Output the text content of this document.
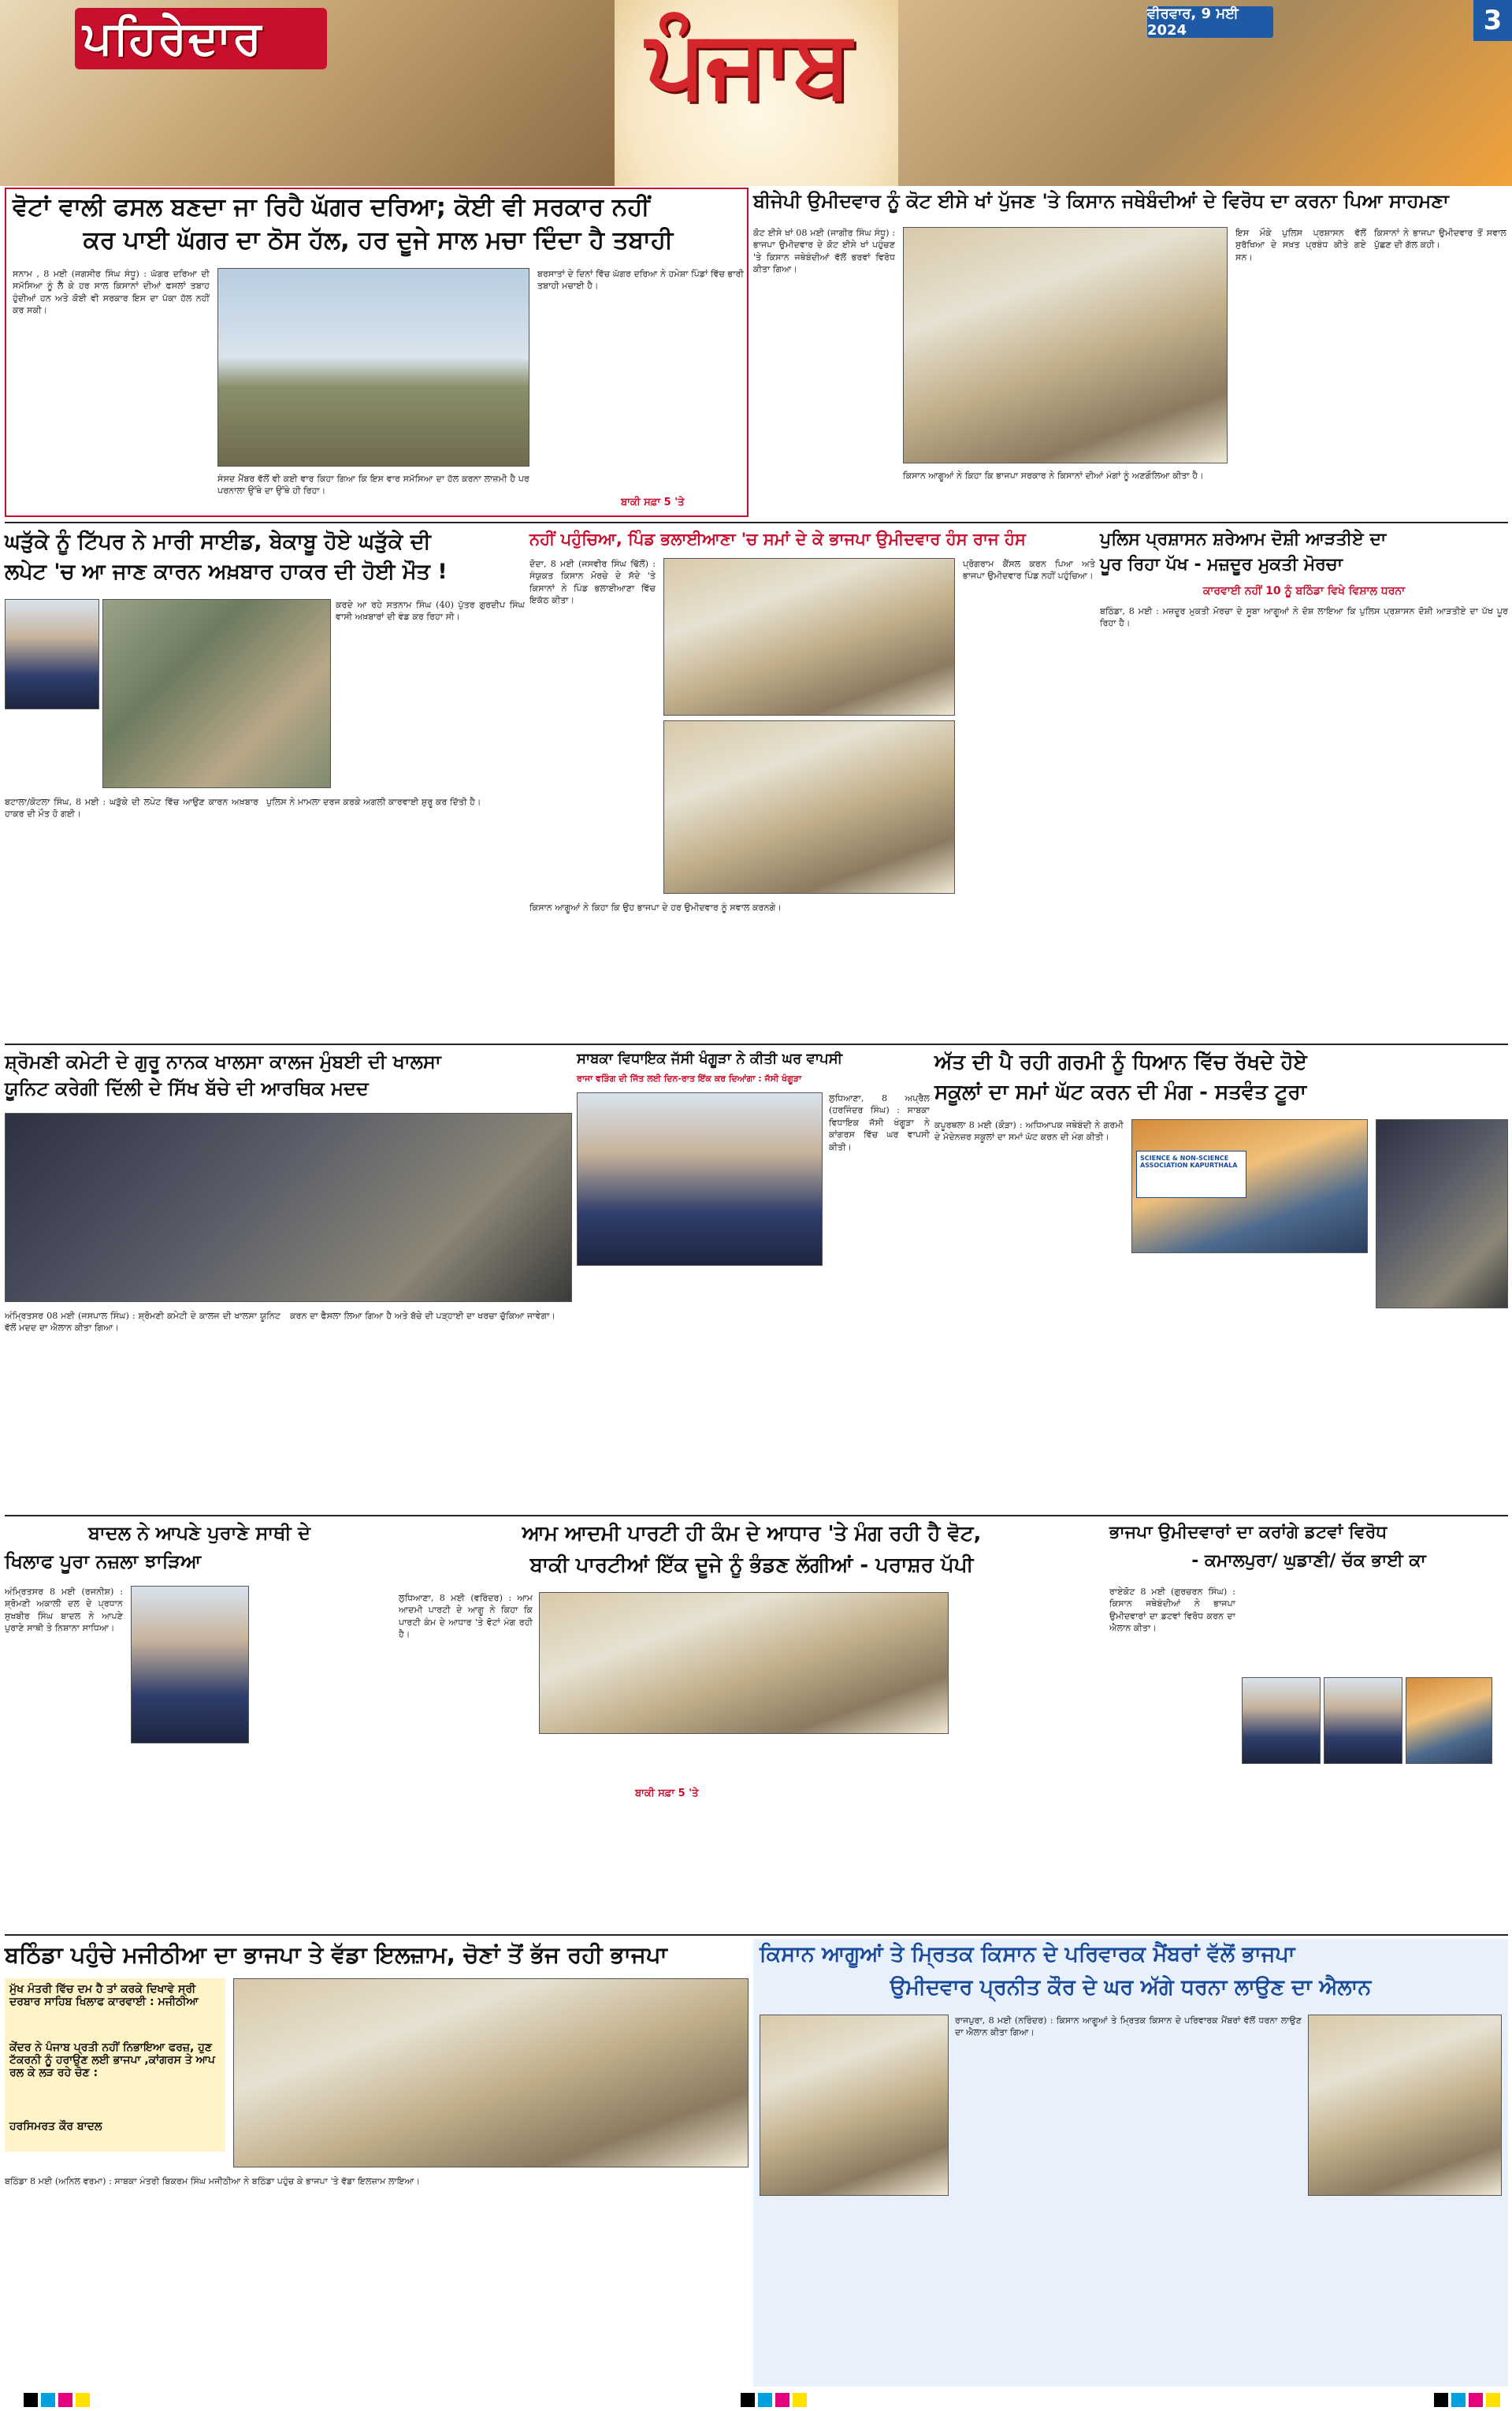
ਪਹਿਰੇਦਾਰ	ਪੰਜਾਬ	ਵੀਰਵਾਰ, 9 ਮਈ 2024	3
ਵੋਟਾਂ ਵਾਲੀ ਫਸਲ ਬਣਦਾ ਜਾ ਰਿਹੈ ਘੱਗਰ ਦਰਿਆ; ਕੋਈ ਵੀ ਸਰਕਾਰ ਨਹੀਂ
ਕਰ ਪਾਈ ਘੱਗਰ ਦਾ ਠੋਸ ਹੱਲ, ਹਰ ਦੂਜੇ ਸਾਲ ਮਚਾ ਦਿੰਦਾ ਹੈ ਤਬਾਹੀ
ਸਨਾਮ , 8 ਮਈ (ਜਗਸੀਰ ਸਿੰਘ ਸੰਧੂ) : ਘੱਗਰ ਦਰਿਆ ਦੀ ਸਮੱਸਿਆ ਨੂੰ ਲੈ ਕੇ ਹਰ ਸਾਲ ਕਿਸਾਨਾਂ ਦੀਆਂ ਫਸਲਾਂ ਤਬਾਹ ਹੁੰਦੀਆਂ ਹਨ ਅਤੇ ਕੋਈ ਵੀ ਸਰਕਾਰ ਇਸ ਦਾ ਪੱਕਾ ਹੱਲ ਨਹੀਂ ਕਰ ਸਕੀ।
ਸੰਸਦ ਮੈਂਬਰ ਵੱਲੋਂ ਵੀ ਕਈ ਵਾਰ ਕਿਹਾ ਗਿਆ ਕਿ ਇਸ ਵਾਰ ਸਮੱਸਿਆ ਦਾ ਹੱਲ ਕਰਨਾ ਲਾਜ਼ਮੀ ਹੈ ਪਰ ਪਰਨਾਲਾ ਉੱਥੇ ਦਾ ਉੱਥੇ ਹੀ ਰਿਹਾ।
ਬਰਸਾਤਾਂ ਦੇ ਦਿਨਾਂ ਵਿੱਚ ਘੱਗਰ ਦਰਿਆ ਨੇ ਹਮੇਸ਼ਾ ਪਿੰਡਾਂ ਵਿੱਚ ਭਾਰੀ ਤਬਾਹੀ ਮਚਾਈ ਹੈ।
ਬਾਕੀ ਸਫ਼ਾ 5 'ਤੇ
ਬੀਜੇਪੀ ਉਮੀਦਵਾਰ ਨੂੰ ਕੋਟ ਈਸੇ ਖਾਂ ਪੁੱਜਣ 'ਤੇ ਕਿਸਾਨ ਜਥੇਬੰਦੀਆਂ ਦੇ ਵਿਰੋਧ ਦਾ ਕਰਨਾ ਪਿਆ ਸਾਹਮਣਾ
ਕੋਟ ਈਸੇ ਖਾਂ 08 ਮਈ (ਜਾਗੀਰ ਸਿੰਘ ਸੰਧੂ) : ਭਾਜਪਾ ਉਮੀਦਵਾਰ ਦੇ ਕੋਟ ਈਸੇ ਖਾਂ ਪਹੁੰਚਣ 'ਤੇ ਕਿਸਾਨ ਜਥੇਬੰਦੀਆਂ ਵੱਲੋਂ ਭਰਵਾਂ ਵਿਰੋਧ ਕੀਤਾ ਗਿਆ।
ਕਿਸਾਨ ਆਗੂਆਂ ਨੇ ਕਿਹਾ ਕਿ ਭਾਜਪਾ ਸਰਕਾਰ ਨੇ ਕਿਸਾਨਾਂ ਦੀਆਂ ਮੰਗਾਂ ਨੂੰ ਅਣਗੌਲਿਆ ਕੀਤਾ ਹੈ।
ਇਸ ਮੌਕੇ ਪੁਲਿਸ ਪ੍ਰਸ਼ਾਸਨ ਵੱਲੋਂ ਸੁਰੱਖਿਆ ਦੇ ਸਖ਼ਤ ਪ੍ਰਬੰਧ ਕੀਤੇ ਗਏ ਸਨ।
ਕਿਸਾਨਾਂ ਨੇ ਭਾਜਪਾ ਉਮੀਦਵਾਰ ਤੋਂ ਸਵਾਲ ਪੁੱਛਣ ਦੀ ਗੱਲ ਕਹੀ।
ਘੜੁੱਕੇ ਨੂੰ ਟਿੱਪਰ ਨੇ ਮਾਰੀ ਸਾਈਡ, ਬੇਕਾਬੂ ਹੋਏ ਘੜੁੱਕੇ ਦੀ
ਲਪੇਟ 'ਚ ਆ ਜਾਣ ਕਾਰਨ ਅਖ਼ਬਾਰ ਹਾਕਰ ਦੀ ਹੋਈ ਮੌਤ !
ਕਰਦੇ ਆ ਰਹੇ ਸਤਨਾਮ ਸਿੰਘ (40) ਪੁੱਤਰ ਗੁਰਦੀਪ ਸਿੰਘ ਵਾਸੀ ਅਖ਼ਬਾਰਾਂ ਦੀ ਵੰਡ ਕਰ ਰਿਹਾ ਸੀ।
ਬਟਾਲਾ/ਕੋਟਲਾ ਸਿੰਘ, 8 ਮਈ : ਘੜੁੱਕੇ ਦੀ ਲਪੇਟ ਵਿੱਚ ਆਉਣ ਕਾਰਨ ਅਖ਼ਬਾਰ ਹਾਕਰ ਦੀ ਮੌਤ ਹੋ ਗਈ।
ਪੁਲਿਸ ਨੇ ਮਾਮਲਾ ਦਰਜ ਕਰਕੇ ਅਗਲੀ ਕਾਰਵਾਈ ਸ਼ੁਰੂ ਕਰ ਦਿੱਤੀ ਹੈ।
ਨਹੀਂ ਪਹੁੰਚਿਆ, ਪਿੰਡ ਭਲਾਈਆਣਾ 'ਚ ਸਮਾਂ ਦੇ ਕੇ ਭਾਜਪਾ ਉਮੀਦਵਾਰ ਹੰਸ ਰਾਜ ਹੰਸ
ਦੋਦਾ, 8 ਮਈ (ਜਸਵੀਰ ਸਿੰਘ ਢਿੱਲੋਂ) : ਸੰਯੁਕਤ ਕਿਸਾਨ ਮੋਰਚੇ ਦੇ ਸੱਦੇ 'ਤੇ ਕਿਸਾਨਾਂ ਨੇ ਪਿੰਡ ਭਲਾਈਆਣਾ ਵਿੱਚ ਇਕੱਠ ਕੀਤਾ।
ਪ੍ਰੋਗਰਾਮ ਕੈਂਸਲ ਕਰਨ ਪਿਆ ਅਤੇ ਭਾਜਪਾ ਉਮੀਦਵਾਰ ਪਿੰਡ ਨਹੀਂ ਪਹੁੰਚਿਆ।
ਕਿਸਾਨ ਆਗੂਆਂ ਨੇ ਕਿਹਾ ਕਿ ਉਹ ਭਾਜਪਾ ਦੇ ਹਰ ਉਮੀਦਵਾਰ ਨੂੰ ਸਵਾਲ ਕਰਨਗੇ।
ਪੁਲਿਸ ਪ੍ਰਸ਼ਾਸਨ ਸ਼ਰੇਆਮ ਦੋਸ਼ੀ ਆੜਤੀਏ ਦਾ
ਪੂਰ ਰਿਹਾ ਪੱਖ - ਮਜ਼ਦੂਰ ਮੁਕਤੀ ਮੋਰਚਾ
ਕਾਰਵਾਈ ਨਹੀਂ 10 ਨੂੰ ਬਠਿੰਡਾ ਵਿਖੇ ਵਿਸ਼ਾਲ ਧਰਨਾ
ਬਠਿੰਡਾ, 8 ਮਈ : ਮਜ਼ਦੂਰ ਮੁਕਤੀ ਮੋਰਚਾ ਦੇ ਸੂਬਾ ਆਗੂਆਂ ਨੇ ਦੋਸ਼ ਲਾਇਆ ਕਿ ਪੁਲਿਸ ਪ੍ਰਸ਼ਾਸਨ ਦੋਸ਼ੀ ਆੜਤੀਏ ਦਾ ਪੱਖ ਪੂਰ ਰਿਹਾ ਹੈ।
ਸ਼੍ਰੋਮਣੀ ਕਮੇਟੀ ਦੇ ਗੁਰੂ ਨਾਨਕ ਖਾਲਸਾ ਕਾਲਜ ਮੁੰਬਈ ਦੀ ਖਾਲਸਾ
ਯੂਨਿਟ ਕਰੇਗੀ ਦਿੱਲੀ ਦੇ ਸਿੱਖ ਬੱਚੇ ਦੀ ਆਰਥਿਕ ਮਦਦ
ਅੰਮ੍ਰਿਤਸਰ 08 ਮਈ (ਜਸਪਾਲ ਸਿੰਘ) : ਸ਼੍ਰੋਮਣੀ ਕਮੇਟੀ ਦੇ ਕਾਲਜ ਦੀ ਖਾਲਸਾ ਯੂਨਿਟ ਵੱਲੋਂ ਮਦਦ ਦਾ ਐਲਾਨ ਕੀਤਾ ਗਿਆ।
ਕਰਨ ਦਾ ਫੈਸਲਾ ਲਿਆ ਗਿਆ ਹੈ ਅਤੇ ਬੱਚੇ ਦੀ ਪੜ੍ਹਾਈ ਦਾ ਖਰਚਾ ਚੁੱਕਿਆ ਜਾਵੇਗਾ।
ਸਾਬਕਾ ਵਿਧਾਇਕ ਜੱਸੀ ਖੰਗੂੜਾ ਨੇ ਕੀਤੀ ਘਰ ਵਾਪਸੀ
ਰਾਜਾ ਵੜਿੰਗ ਦੀ ਜਿੱਤ ਲਈ ਦਿਨ-ਰਾਤ ਇੱਕ ਕਰ ਦਿਆਂਗਾ : ਜੱਸੀ ਖੰਗੂੜਾ
ਲੁਧਿਆਣਾ, 8 ਅਪ੍ਰੈਲ (ਹਰਜਿੰਦਰ ਸਿੰਘ) : ਸਾਬਕਾ ਵਿਧਾਇਕ ਜੱਸੀ ਖੰਗੂੜਾ ਨੇ ਕਾਂਗਰਸ ਵਿੱਚ ਘਰ ਵਾਪਸੀ ਕੀਤੀ।
ਅੱਤ ਦੀ ਪੈ ਰਹੀ ਗਰਮੀ ਨੂੰ ਧਿਆਨ ਵਿੱਚ ਰੱਖਦੇ ਹੋਏ
ਸਕੂਲਾਂ ਦਾ ਸਮਾਂ ਘੱਟ ਕਰਨ ਦੀ ਮੰਗ - ਸਤਵੰਤ ਟੂਰਾ
ਕਪੂਰਥਲਾ 8 ਮਈ (ਕੌੜਾ) : ਅਧਿਆਪਕ ਜਥੇਬੰਦੀ ਨੇ ਗਰਮੀ ਦੇ ਮੱਦੇਨਜ਼ਰ ਸਕੂਲਾਂ ਦਾ ਸਮਾਂ ਘੱਟ ਕਰਨ ਦੀ ਮੰਗ ਕੀਤੀ।
SCIENCE & NON-SCIENCE ASSOCIATION KAPURTHALA
ਬਾਦਲ ਨੇ ਆਪਣੇ ਪੁਰਾਣੇ ਸਾਥੀ ਦੇ
ਖਿਲਾਫ ਪੂਰਾ ਨਜ਼ਲਾ ਝਾੜਿਆ
ਅੰਮ੍ਰਿਤਸਰ 8 ਮਈ (ਰਜਨੀਸ਼) : ਸ਼੍ਰੋਮਣੀ ਅਕਾਲੀ ਦਲ ਦੇ ਪ੍ਰਧਾਨ ਸੁਖਬੀਰ ਸਿੰਘ ਬਾਦਲ ਨੇ ਆਪਣੇ ਪੁਰਾਣੇ ਸਾਥੀ ਤੇ ਨਿਸ਼ਾਨਾ ਸਾਧਿਆ।
ਆਮ ਆਦਮੀ ਪਾਰਟੀ ਹੀ ਕੰਮ ਦੇ ਆਧਾਰ 'ਤੇ ਮੰਗ ਰਹੀ ਹੈ ਵੋਟ,
ਬਾਕੀ ਪਾਰਟੀਆਂ ਇੱਕ ਦੂਜੇ ਨੂੰ ਭੰਡਣ ਲੱਗੀਆਂ - ਪਰਾਸ਼ਰ ਪੱਪੀ
ਲੁਧਿਆਣਾ, 8 ਮਈ (ਵਰਿੰਦਰ) : ਆਮ ਆਦਮੀ ਪਾਰਟੀ ਦੇ ਆਗੂ ਨੇ ਕਿਹਾ ਕਿ ਪਾਰਟੀ ਕੰਮ ਦੇ ਆਧਾਰ 'ਤੇ ਵੋਟਾਂ ਮੰਗ ਰਹੀ ਹੈ।
ਬਾਕੀ ਸਫ਼ਾ 5 'ਤੇ
ਭਾਜਪਾ ਉਮੀਦਵਾਰਾਂ ਦਾ ਕਰਾਂਗੇ ਡਟਵਾਂ ਵਿਰੋਧ
- ਕਮਾਲਪੁਰਾ/ ਘੁਡਾਣੀ/ ਚੱਕ ਭਾਈ ਕਾ
ਰਾਏਕੋਟ 8 ਮਈ (ਗੁਰਚਰਨ ਸਿੰਘ) : ਕਿਸਾਨ ਜਥੇਬੰਦੀਆਂ ਨੇ ਭਾਜਪਾ ਉਮੀਦਵਾਰਾਂ ਦਾ ਡਟਵਾਂ ਵਿਰੋਧ ਕਰਨ ਦਾ ਐਲਾਨ ਕੀਤਾ।
ਬਠਿੰਡਾ ਪਹੁੰਚੇ ਮਜੀਠੀਆ ਦਾ ਭਾਜਪਾ ਤੇ ਵੱਡਾ ਇਲਜ਼ਾਮ, ਚੋਣਾਂ ਤੋਂ ਭੱਜ ਰਹੀ ਭਾਜਪਾ
ਮੁੱਖ ਮੰਤਰੀ ਵਿੱਚ ਦਮ ਹੈ ਤਾਂ ਕਰਕੇ ਦਿਖਾਵੇ ਸ੍ਰੀ ਦਰਬਾਰ ਸਾਹਿਬ ਖਿਲਾਫ ਕਾਰਵਾਈ : ਮਜੀਠੀਆ
ਕੇਂਦਰ ਨੇ ਪੰਜਾਬ ਪ੍ਰਤੀ ਨਹੀਂ ਨਿਭਾਇਆ ਫਰਜ਼, ਹੁਣ ਟੱਕਰਨੀ ਨੂੰ ਹਰਾਉਣ ਲਈ ਭਾਜਪਾ ,ਕਾਂਗਰਸ ਤੇ ਆਪ ਰਲ ਕੇ ਲੜ ਰਹੇ ਚੋਣ :
ਹਰਸਿਮਰਤ ਕੌਰ ਬਾਦਲ
ਬਠਿੰਡਾ 8 ਮਈ (ਅਨਿਲ ਵਰਮਾ) : ਸਾਬਕਾ ਮੰਤਰੀ ਬਿਕਰਮ ਸਿੰਘ ਮਜੀਠੀਆ ਨੇ ਬਠਿੰਡਾ ਪਹੁੰਚ ਕੇ ਭਾਜਪਾ 'ਤੇ ਵੱਡਾ ਇਲਜ਼ਾਮ ਲਾਇਆ।
ਕਿਸਾਨ ਆਗੂਆਂ ਤੇ ਮ੍ਰਿਤਕ ਕਿਸਾਨ ਦੇ ਪਰਿਵਾਰਕ ਮੈਂਬਰਾਂ ਵੱਲੋਂ ਭਾਜਪਾ
ਉਮੀਦਵਾਰ ਪ੍ਰਨੀਤ ਕੌਰ ਦੇ ਘਰ ਅੱਗੇ ਧਰਨਾ ਲਾਉਣ ਦਾ ਐਲਾਨ
ਰਾਜਪੁਰਾ, 8 ਮਈ (ਨਰਿੰਦਰ) : ਕਿਸਾਨ ਆਗੂਆਂ ਤੇ ਮ੍ਰਿਤਕ ਕਿਸਾਨ ਦੇ ਪਰਿਵਾਰਕ ਮੈਂਬਰਾਂ ਵੱਲੋਂ ਧਰਨਾ ਲਾਉਣ ਦਾ ਐਲਾਨ ਕੀਤਾ ਗਿਆ।
